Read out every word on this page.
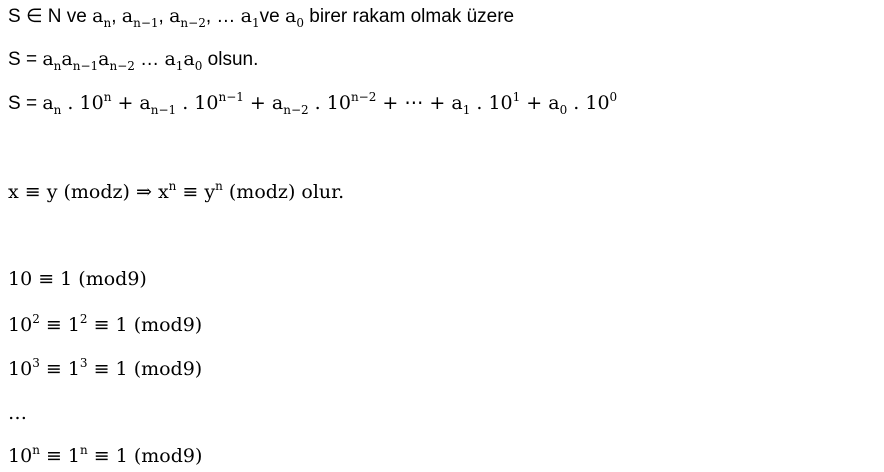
S ∈ N ve $a_n$, $a_{n-1}$, $a_{n-2}$, … $a_1ve$ $a_0$ birer rakam olmak üzere
$S = a_na_{n-1}a_{n-2}$ … $a_1a_0$ olsun.
$S = a_n$ . $10^n + a_{n-1}$ . $10^{n-1} + a_{n-2}$ . $10^{n-2}$ + ⋯ + $a_1$ . $10^1 + a_0$ . $10^0$
x ≡ y (modz) ⇒ $x^n \equiv y^n$ (modz) olur.
10 ≡ 1 (mod9)
$10^2 \equiv 1^2 \equiv 1$ (mod9)
$10^3 \equiv 1^3 \equiv 1$ (mod9)
…
$10^n \equiv 1^n \equiv 1$ (mod9)
